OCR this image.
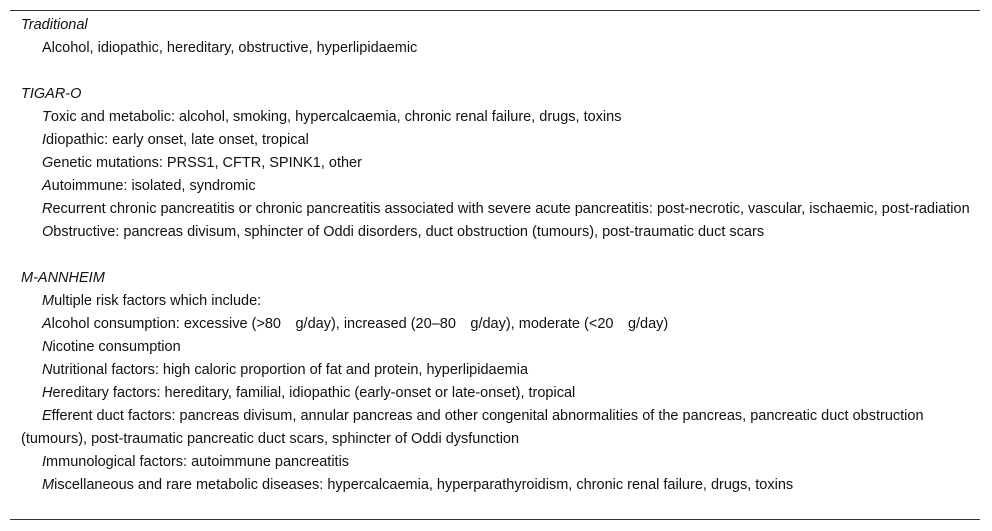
Traditional
Alcohol, idiopathic, hereditary, obstructive, hyperlipidaemic
TIGAR-O
Toxic and metabolic: alcohol, smoking, hypercalcaemia, chronic renal failure, drugs, toxins
Idiopathic: early onset, late onset, tropical
Genetic mutations: PRSS1, CFTR, SPINK1, other
Autoimmune: isolated, syndromic
Recurrent chronic pancreatitis or chronic pancreatitis associated with severe acute pancreatitis: post-necrotic, vascular, ischaemic, post-radiation
Obstructive: pancreas divisum, sphincter of Oddi disorders, duct obstruction (tumours), post-traumatic duct scars
M-ANNHEIM
Multiple risk factors which include:
Alcohol consumption: excessive (>80 g/day), increased (20–80 g/day), moderate (<20 g/day)
Nicotine consumption
Nutritional factors: high caloric proportion of fat and protein, hyperlipidaemia
Hereditary factors: hereditary, familial, idiopathic (early-onset or late-onset), tropical
Efferent duct factors: pancreas divisum, annular pancreas and other congenital abnormalities of the pancreas, pancreatic duct obstruction (tumours), post-traumatic pancreatic duct scars, sphincter of Oddi dysfunction
Immunological factors: autoimmune pancreatitis
Miscellaneous and rare metabolic diseases: hypercalcaemia, hyperparathyroidism, chronic renal failure, drugs, toxins
